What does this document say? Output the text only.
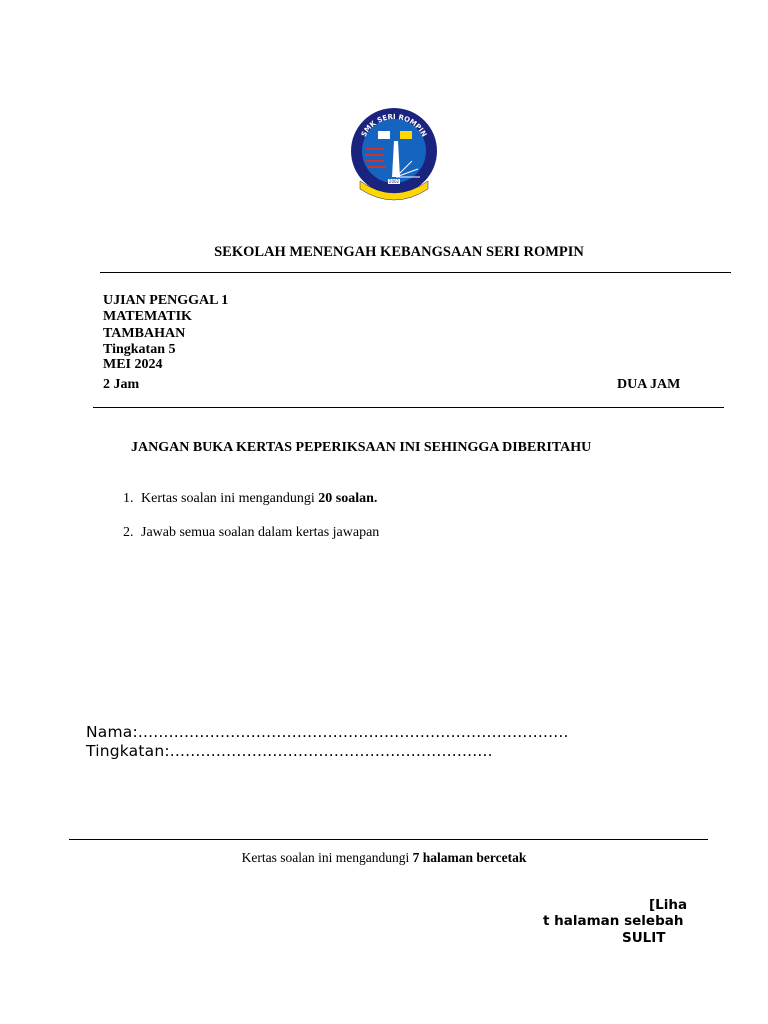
SMK SERI ROMPIN
2002
MERLANG DUNIA DAN AKHIR
SEKOLAH MENENGAH KEBANGSAAN SERI ROMPIN
UJIAN PENGGAL 1
MATEMATIK
TAMBAHAN
Tingkatan 5
MEI 2024
2 Jam	DUA JAM
JANGAN BUKA KERTAS PEPERIKSAAN INI SEHINGGA DIBERITAHU
1. Kertas soalan ini mengandungi 20 soalan.
2. Jawab semua soalan dalam kertas jawapan
Nama:....................................................................................
Tingkatan:...............................................................
Kertas soalan ini mengandungi 7 halaman bercetak
[Liha
t halaman selebah
SULIT
